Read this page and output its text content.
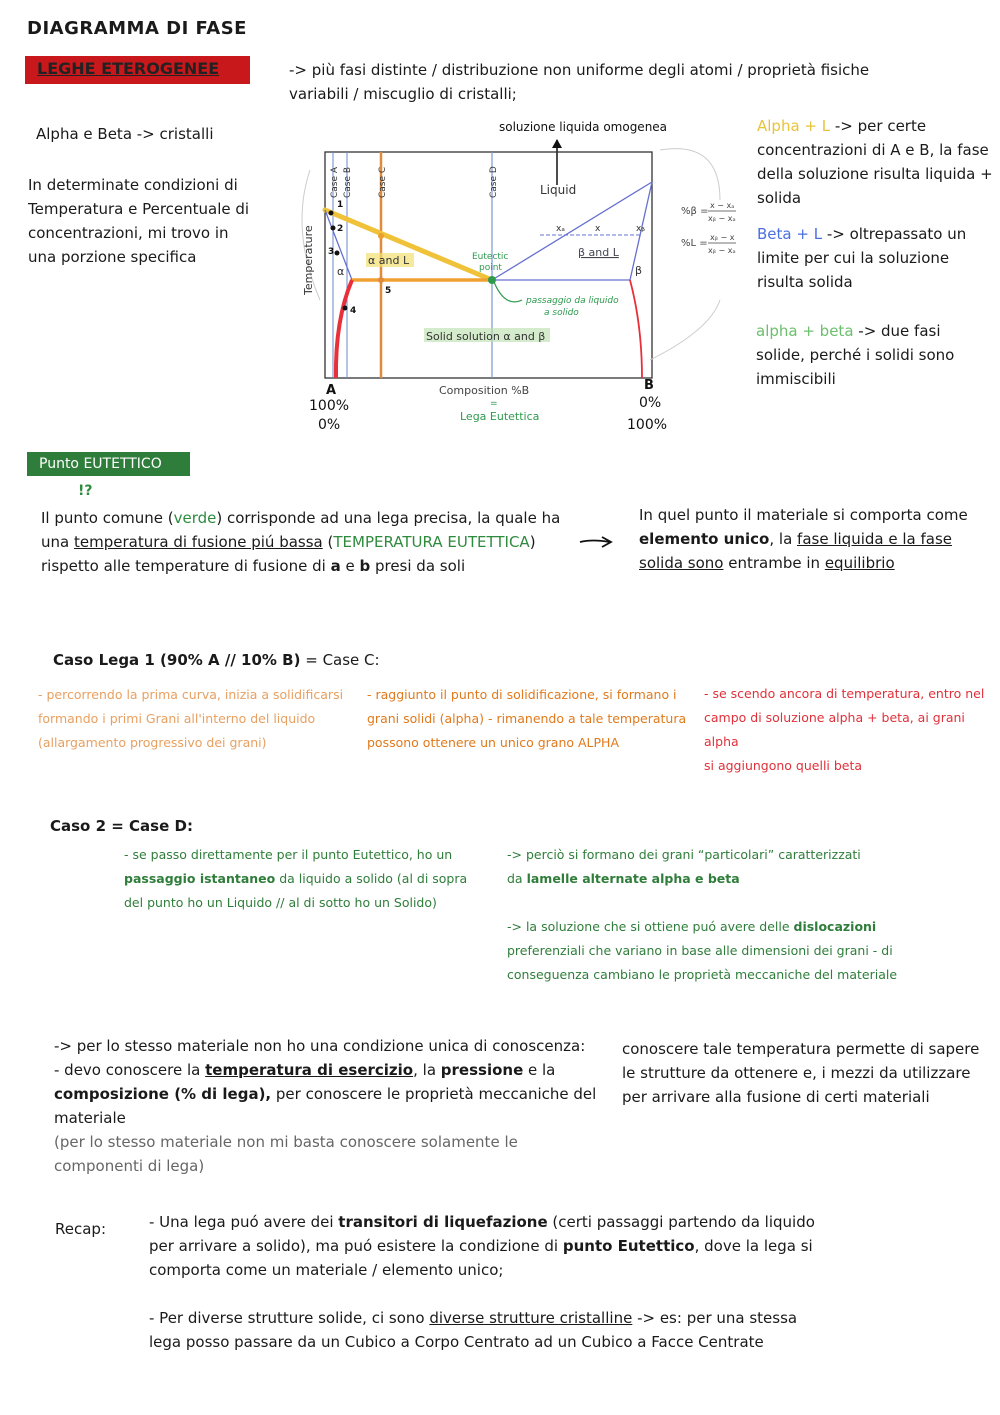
DIAGRAMMA DI FASE
LEGHE ETEROGENEE	-> più fasi distinte / distribuzione non uniforme degli atomi / proprietà fisiche
variabili / miscuglio di cristalli;
Alpha e Beta -> cristalli
In determinate condizioni di
Temperatura e Percentuale di
concentrazioni, mi trovo in
una porzione specifica
soluzione liquida omogenea
Case A Case B	Case C	Case D
Temperature	xₐ	x	xᵦ
Liquid
α and L
β and L
Eutectic
point
α	β
Solid solution α and β
Composition %B
passaggio da liquido
a solido
1
2
3
4
5
%β =
x − xₐ
xᵦ − xₐ
%L =
xᵦ − x
xᵦ − xₐ
A
100%
0%
B
0%
100%
=
Lega Eutettica
Alpha + L -> per certe
concentrazioni di A e B, la fase
della soluzione risulta liquida +
solida
Beta + L -> oltrepassato un
limite per cui la soluzione
risulta solida
alpha + beta -> due fasi
solide, perché i solidi sono
immiscibili
Punto EUTETTICO
!?
Il punto comune (verde) corrisponde ad una lega precisa, la quale ha
una temperatura di fusione piú bassa (TEMPERATURA EUTETTICA)
rispetto alle temperature di fusione di a e b presi da soli
In quel punto il materiale si comporta come
elemento unico, la fase liquida e la fase
solida sono entrambe in equilibrio
Caso Lega 1 (90% A // 10% B) = Case C:
- percorrendo la prima curva, inizia a solidificarsi
formando i primi Grani all'interno del liquido
(allargamento progressivo dei grani)
- raggiunto il punto di solidificazione, si formano i
grani solidi (alpha) - rimanendo a tale temperatura
possono ottenere un unico grano ALPHA
- se scendo ancora di temperatura, entro nel
campo di soluzione alpha + beta, ai grani alpha
si aggiungono quelli beta
Caso 2 = Case D:
- se passo direttamente per il punto Eutettico, ho un
passaggio istantaneo da liquido a solido (al di sopra
del punto ho un Liquido // al di sotto ho un Solido)
-> perciò si formano dei grani “particolari” caratterizzati
da lamelle alternate alpha e beta
-> la soluzione che si ottiene puó avere delle dislocazioni
preferenziali che variano in base alle dimensioni dei grani - di
conseguenza cambiano le proprietà meccaniche del materiale
-> per lo stesso materiale non ho una condizione unica di conoscenza:
- devo conoscere la temperatura di esercizio, la pressione e la
composizione (% di lega), per conoscere le proprietà meccaniche del
materiale
(per lo stesso materiale non mi basta conoscere solamente le
componenti di lega)
conoscere tale temperatura permette di sapere
le strutture da ottenere e, i mezzi da utilizzare
per arrivare alla fusione di certi materiali
Recap:	- Una lega puó avere dei transitori di liquefazione (certi passaggi partendo da liquido
per arrivare a solido), ma puó esistere la condizione di punto Eutettico, dove la lega si
comporta come un materiale / elemento unico;
- Per diverse strutture solide, ci sono diverse strutture cristalline -> es: per una stessa
lega posso passare da un Cubico a Corpo Centrato ad un Cubico a Facce Centrate
